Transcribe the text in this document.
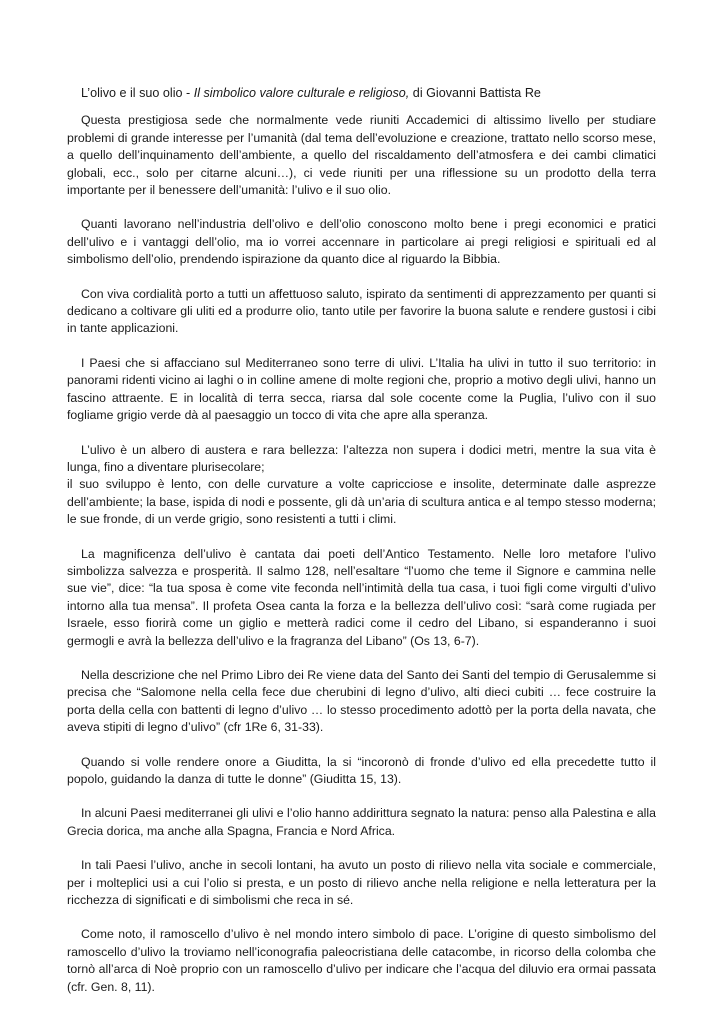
L’olivo e il suo olio - Il simbolico valore culturale e religioso, di Giovanni Battista Re

Questa prestigiosa sede che normalmente vede riuniti Accademici di altissimo livello per studiare problemi di grande interesse per l’umanità (dal tema dell’evoluzione e creazione, trattato nello scorso mese, a quello dell’inquinamento dell’ambiente, a quello del riscaldamento dell’atmosfera e dei cambi climatici globali, ecc., solo per citarne alcuni…), ci vede riuniti per una riflessione su un prodotto della terra importante per il benessere dell’umanità: l’ulivo e il suo olio.

Quanti lavorano nell’industria dell’olivo e dell’olio conoscono molto bene i pregi economici e pratici dell’ulivo e i vantaggi dell’olio, ma io vorrei accennare in particolare ai pregi religiosi e spirituali ed al simbolismo dell’olio, prendendo ispirazione da quanto dice al riguardo la Bibbia.

Con viva cordialità porto a tutti un affettuoso saluto, ispirato da sentimenti di apprezzamento per quanti si dedicano a coltivare gli uliti ed a produrre olio, tanto utile per favorire la buona salute e rendere gustosi i cibi in tante applicazioni.

I Paesi che si affacciano sul Mediterraneo sono terre di ulivi. L’Italia ha ulivi in tutto il suo territorio: in panorami ridenti vicino ai laghi o in colline amene di molte regioni che, proprio a motivo degli ulivi, hanno un fascino attraente. E in località di terra secca, riarsa dal sole cocente come la Puglia, l’ulivo con il suo fogliame grigio verde dà al paesaggio un tocco di vita che apre alla speranza.

L’ulivo è un albero di austera e rara bellezza: l’altezza non supera i dodici metri, mentre la sua vita è lunga, fino a diventare plurisecolare;

il suo sviluppo è lento, con delle curvature a volte capricciose e insolite, determinate dalle asprezze dell’ambiente; la base, ispida di nodi e possente, gli dà un’aria di scultura antica e al tempo stesso moderna; le sue fronde, di un verde grigio, sono resistenti a tutti i climi.

La magnificenza dell’ulivo è cantata dai poeti dell’Antico Testamento. Nelle loro metafore l’ulivo simbolizza salvezza e prosperità. Il salmo 128, nell’esaltare “l’uomo che teme il Signore e cammina nelle sue vie”, dice: “la tua sposa è come vite feconda nell’intimità della tua casa, i tuoi figli come virgulti d’ulivo intorno alla tua mensa”. Il profeta Osea canta la forza e la bellezza dell’ulivo così: “sarà come rugiada per Israele, esso fiorirà come un giglio e metterà radici come il cedro del Libano, si espanderanno i suoi germogli e avrà la bellezza dell’ulivo e la fragranza del Libano” (Os 13, 6-7).

Nella descrizione che nel Primo Libro dei Re viene data del Santo dei Santi del tempio di Gerusalemme si precisa che “Salomone nella cella fece due cherubini di legno d’ulivo, alti dieci cubiti … fece costruire la porta della cella con battenti di legno d’ulivo … lo stesso procedimento adottò per la porta della navata, che aveva stipiti di legno d’ulivo” (cfr 1Re 6, 31-33).

Quando si volle rendere onore a Giuditta, la si “incoronò di fronde d’ulivo ed ella precedette tutto il popolo, guidando la danza di tutte le donne” (Giuditta 15, 13).

In alcuni Paesi mediterranei gli ulivi e l’olio hanno addirittura segnato la natura: penso alla Palestina e alla Grecia dorica, ma anche alla Spagna, Francia e Nord Africa.

In tali Paesi l’ulivo, anche in secoli lontani, ha avuto un posto di rilievo nella vita sociale e commerciale, per i molteplici usi a cui l’olio si presta, e un posto di rilievo anche nella religione e nella letteratura per la ricchezza di significati e di simbolismi che reca in sé.

Come noto, il ramoscello d’ulivo è nel mondo intero simbolo di pace. L’origine di questo simbolismo del ramoscello d’ulivo la troviamo nell’iconografia paleocristiana delle catacombe, in ricorso della colomba che tornò all’arca di Noè proprio con un ramoscello d’ulivo per indicare che l’acqua del diluvio era ormai passata (cfr. Gen. 8, 11).
